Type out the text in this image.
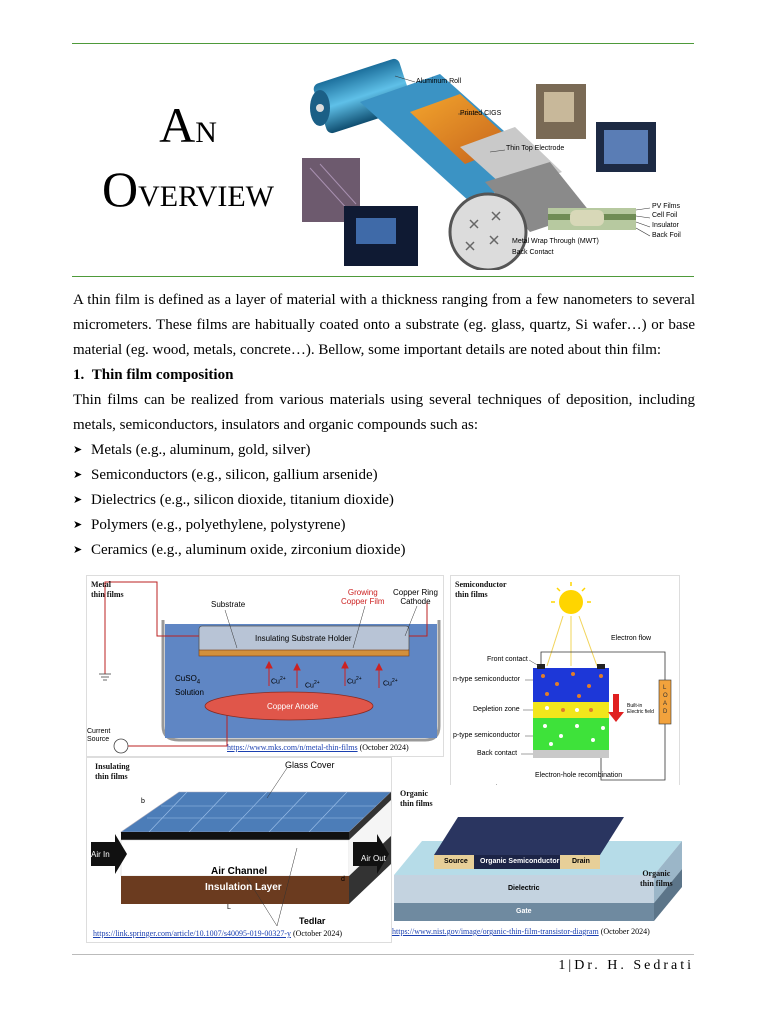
AN
OVERVIEW
Aluminum Roll
Printed CIGS
Thin Top Electrode
PV Films
Cell Foil
Insulator
Back Foil
Metal Wrap Through (MWT)
Back Contact
A thin film is defined as a layer of material with a thickness ranging from a few nanometers to several micrometers. These films are habitually coated onto a substrate (eg. glass, quartz, Si wafer…) or base material (eg. wood, metals, concrete…). Bellow, some important details are noted about thin film:
1. Thin film composition
Thin films can be realized from various materials using several techniques of deposition, including metals, semiconductors, insulators and organic compounds such as:
➤ Metals (e.g., aluminum, gold, silver)
➤ Semiconductors (e.g., silicon, gallium arsenide)
➤ Dielectrics (e.g., silicon dioxide, titanium dioxide)
➤ Polymers (e.g., polyethylene, polystyrene)
➤ Ceramics (e.g., aluminum oxide, zirconium dioxide)
Metal
thin films
Substrate
Growing
Copper Film
Copper Ring
Cathode
Insulating Substrate Holder
CuSO$_4$
Solution
$Cu^{2+}$
$Cu^{2+}$	$Cu^{2+}$
$Cu^{2+}$
Copper Anode
Current
Source
https://www.mks.com/n/metal-thin-films (October 2024)
Semiconductor
thin films
Electron flow
Front contact
n-type semiconductor
Depletion zone	Built-in
Electric field
p-type semiconductor
Back contact
LOAD
Electron-hole recombination
Insulating
thin films
Glass Cover
Air In	Air Out
Air Channel
Insulation Layer
Tedlar
b
d
L
https://link.springer.com/article/10.1007/s40095-019-00327-y (October 2024)
Organic
thin films
Source Organic Semiconductor Drain
Dielectric
Gate
Organic
thin films
https://www.nist.gov/image/organic-thin-film-transistor-diagram (October 2024)
1|Dr. H. Sedrati
